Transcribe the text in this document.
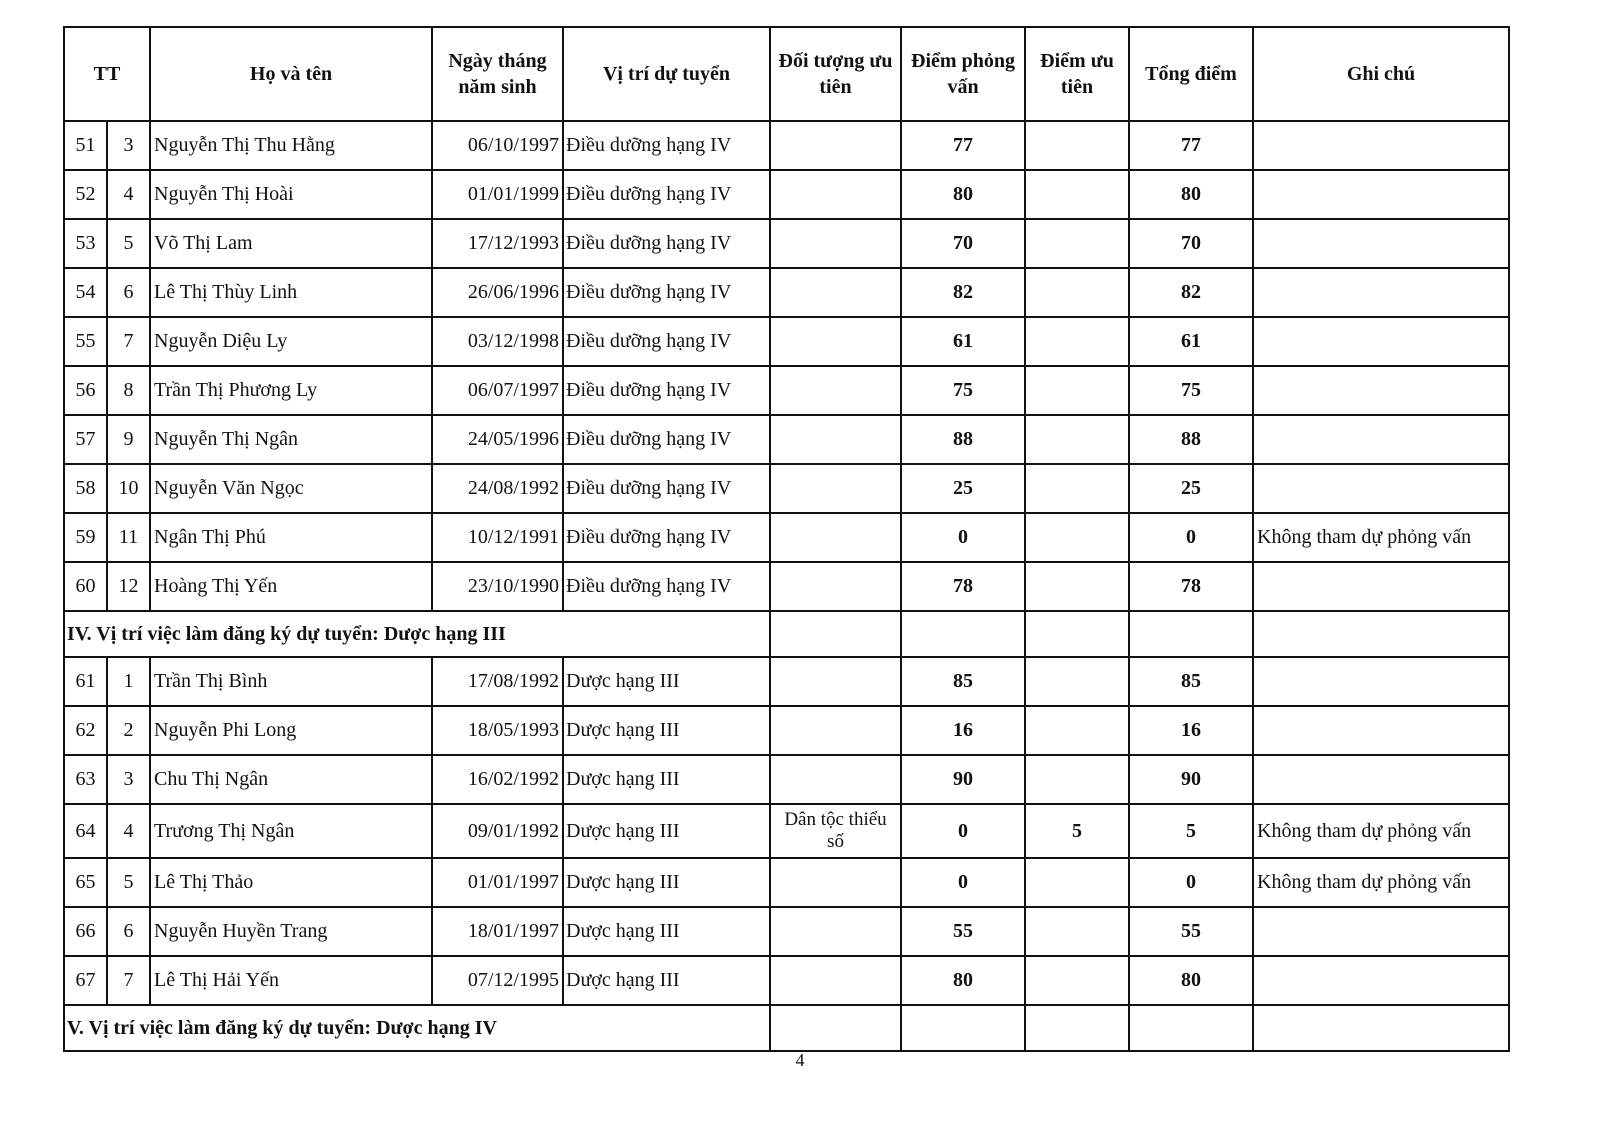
TT		Họ và tên	Ngày tháng năm sinh	Vị trí dự tuyển	Đối tượng ưu tiên	Điểm phỏng vấn	Điểm ưu tiên	Tổng điểm	Ghi chú
51	3	Nguyễn Thị Thu Hằng	06/10/1997	Điều dưỡng hạng IV		77		77	
52	4	Nguyễn Thị Hoài	01/01/1999	Điều dưỡng hạng IV		80		80	
53	5	Võ Thị Lam	17/12/1993	Điều dưỡng hạng IV		70		70	
54	6	Lê Thị Thùy Linh	26/06/1996	Điều dưỡng hạng IV		82		82	
55	7	Nguyễn Diệu Ly	03/12/1998	Điều dưỡng hạng IV		61		61	
56	8	Trần Thị Phương Ly	06/07/1997	Điều dưỡng hạng IV		75		75	
57	9	Nguyễn Thị Ngân	24/05/1996	Điều dưỡng hạng IV		88		88	
58	10	Nguyễn Văn Ngọc	24/08/1992	Điều dưỡng hạng IV		25		25	
59	11	Ngân Thị Phú	10/12/1991	Điều dưỡng hạng IV		0		0	Không tham dự phỏng vấn
60	12	Hoàng Thị Yến	23/10/1990	Điều dưỡng hạng IV		78		78	
IV. Vị trí việc làm đăng ký dự tuyển: Dược hạng III									
61	1	Trần Thị Bình	17/08/1992	Dược hạng III		85		85	
62	2	Nguyễn Phi Long	18/05/1993	Dược hạng III		16		16	
63	3	Chu Thị Ngân	16/02/1992	Dược hạng III		90		90	
64	4	Trương Thị Ngân	09/01/1992	Dược hạng III	Dân tộc thiểu số	0	5	5	Không tham dự phỏng vấn
65	5	Lê Thị Thảo	01/01/1997	Dược hạng III		0		0	Không tham dự phỏng vấn
66	6	Nguyễn Huyền Trang	18/01/1997	Dược hạng III		55		55	
67	7	Lê Thị Hải Yến	07/12/1995	Dược hạng III		80		80	
V. Vị trí việc làm đăng ký dự tuyển: Dược hạng IV									
4
